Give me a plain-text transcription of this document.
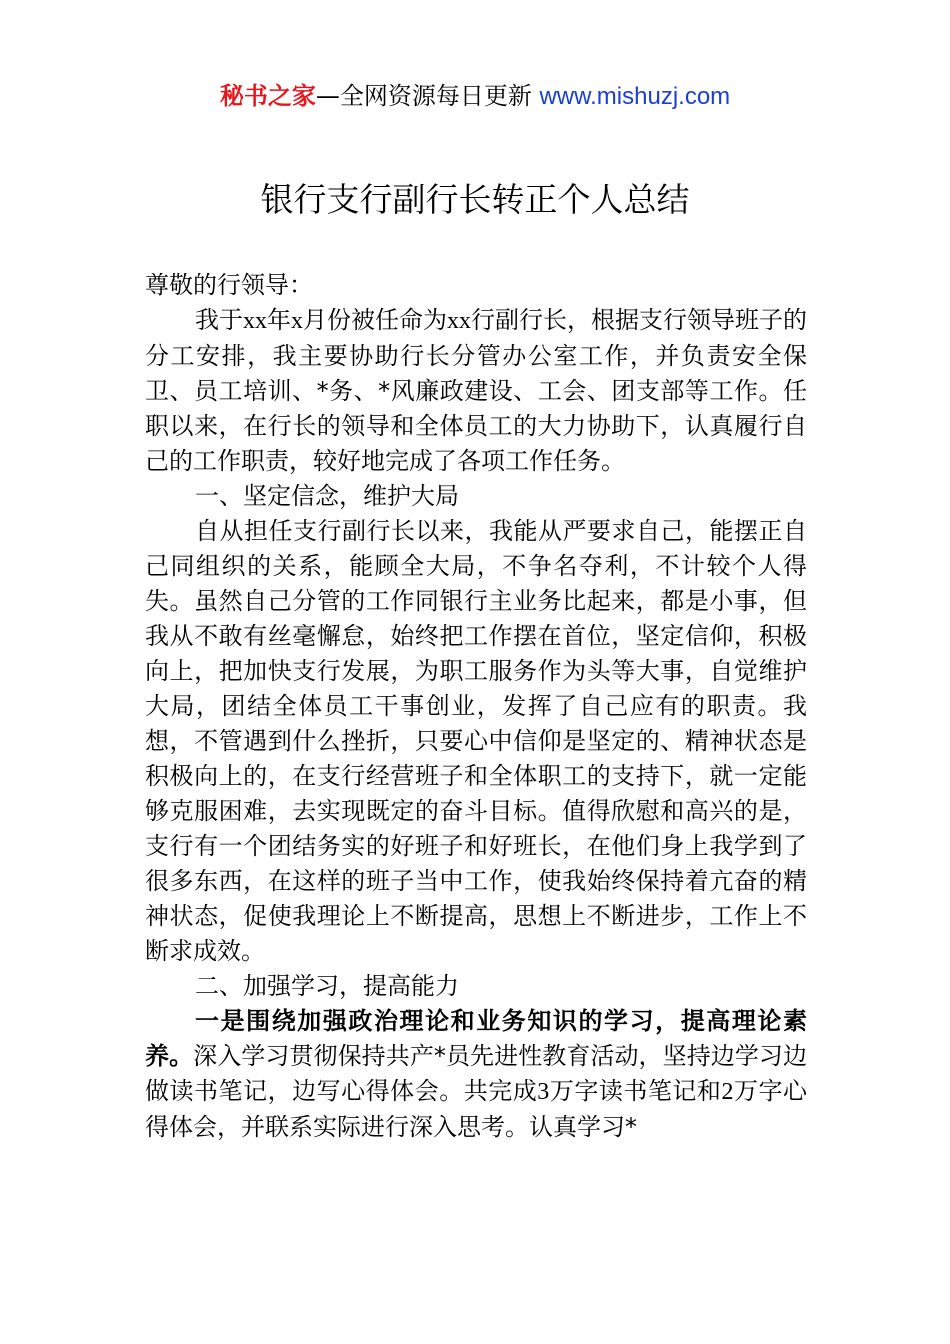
秘书之家—全网资源每日更新 www.mishuzj.com
银行支行副行长转正个人总结

尊敬的行领导：

我于xx年x月份被任命为xx行副行长，根据支行领导班子的分工安排，我主要协助行长分管办公室工作，并负责安全保卫、员工培训、*务、*风廉政建设、工会、团支部等工作。任职以来，在行长的领导和全体员工的大力协助下，认真履行自己的工作职责，较好地完成了各项工作任务。

一、坚定信念，维护大局

自从担任支行副行长以来，我能从严要求自己，能摆正自己同组织的关系，能顾全大局，不争名夺利，不计较个人得失。虽然自己分管的工作同银行主业务比起来，都是小事，但我从不敢有丝毫懈怠，始终把工作摆在首位，坚定信仰，积极向上，把加快支行发展，为职工服务作为头等大事，自觉维护大局，团结全体员工干事创业，发挥了自己应有的职责。我想，不管遇到什么挫折，只要心中信仰是坚定的、精神状态是积极向上的，在支行经营班子和全体职工的支持下，就一定能够克服困难，去实现既定的奋斗目标。值得欣慰和高兴的是，支行有一个团结务实的好班子和好班长，在他们身上我学到了很多东西，在这样的班子当中工作，使我始终保持着亢奋的精神状态，促使我理论上不断提高，思想上不断进步，工作上不断求成效。

二、加强学习，提高能力

一是围绕加强政治理论和业务知识的学习，提高理论素养。深入学习贯彻保持共产*员先进性教育活动，坚持边学习边做读书笔记，边写心得体会。共完成3万字读书笔记和2万字心得体会，并联系实际进行深入思考。认真学习*
